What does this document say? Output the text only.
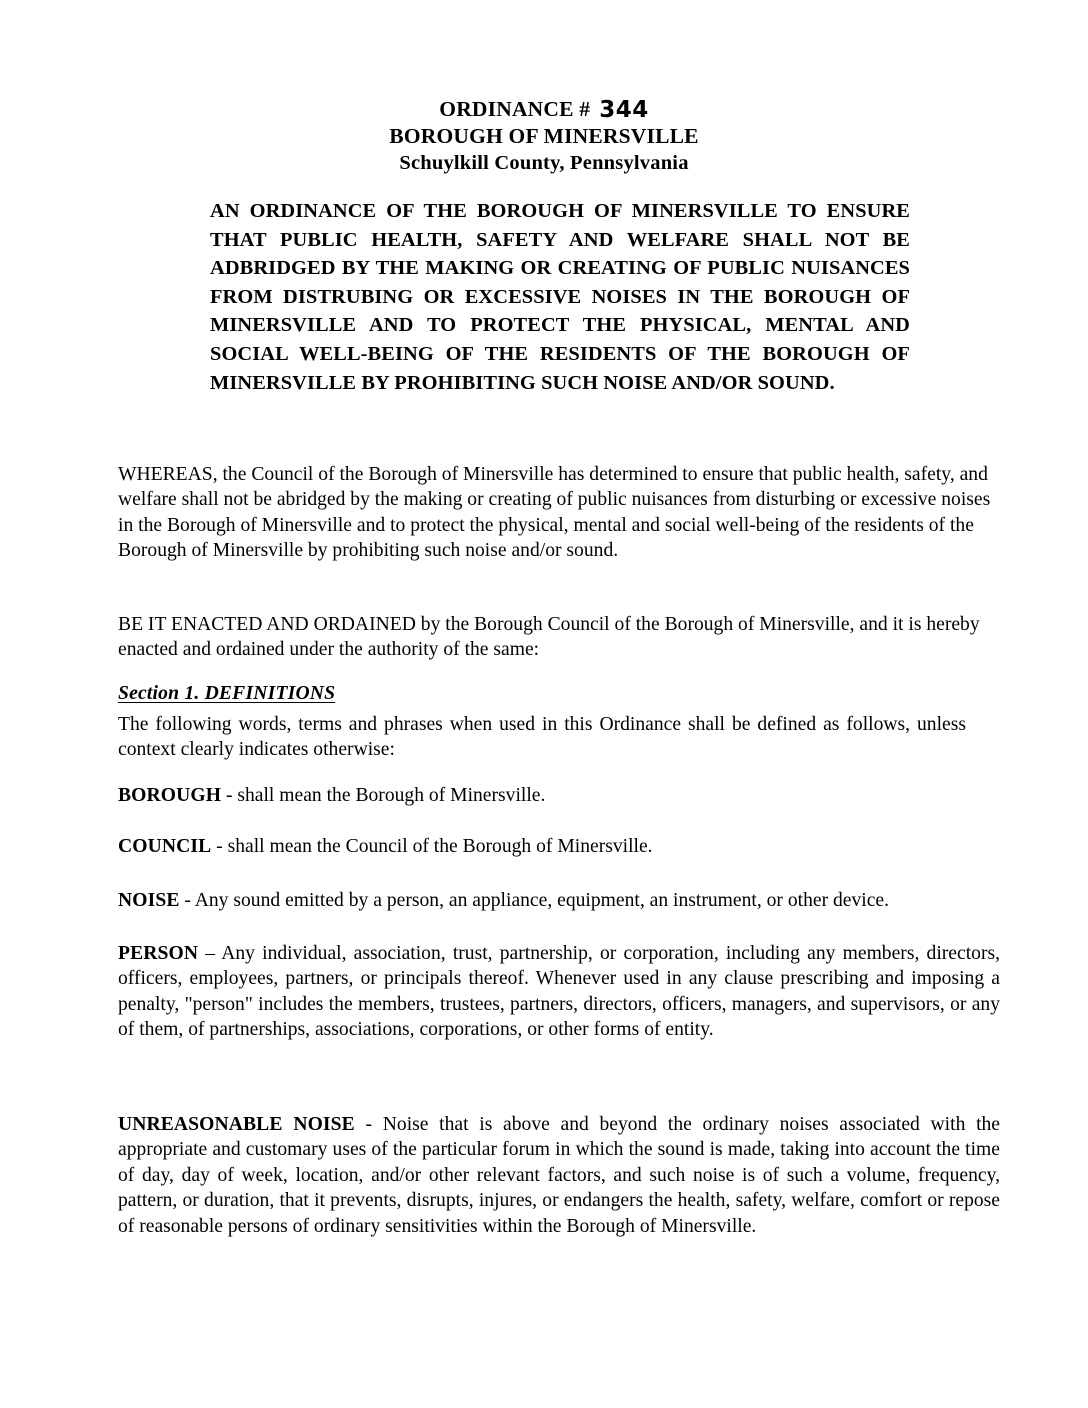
ORDINANCE # 344
BOROUGH OF MINERSVILLE
Schuylkill County, Pennsylvania
AN ORDINANCE OF THE BOROUGH OF MINERSVILLE TO ENSURE THAT PUBLIC HEALTH, SAFETY AND WELFARE SHALL NOT BE ADBRIDGED BY THE MAKING OR CREATING OF PUBLIC NUISANCES FROM DISTRUBING OR EXCESSIVE NOISES IN THE BOROUGH OF MINERSVILLE AND TO PROTECT THE PHYSICAL, MENTAL AND SOCIAL WELL-BEING OF THE RESIDENTS OF THE BOROUGH OF MINERSVILLE BY PROHIBITING SUCH NOISE AND/OR SOUND.
WHEREAS, the Council of the Borough of Minersville has determined to ensure that public health, safety, and welfare shall not be abridged by the making or creating of public nuisances from disturbing or excessive noises in the Borough of Minersville and to protect the physical, mental and social well-being of the residents of the Borough of Minersville by prohibiting such noise and/or sound.
BE IT ENACTED AND ORDAINED by the Borough Council of the Borough of Minersville, and it is hereby enacted and ordained under the authority of the same:
Section 1. DEFINITIONS
The following words, terms and phrases when used in this Ordinance shall be defined as follows, unless context clearly indicates otherwise:
BOROUGH - shall mean the Borough of Minersville.
COUNCIL - shall mean the Council of the Borough of Minersville.
NOISE - Any sound emitted by a person, an appliance, equipment, an instrument, or other device.
PERSON – Any individual, association, trust, partnership, or corporation, including any members, directors, officers, employees, partners, or principals thereof. Whenever used in any clause prescribing and imposing a penalty, "person" includes the members, trustees, partners, directors, officers, managers, and supervisors, or any of them, of partnerships, associations, corporations, or other forms of entity.
UNREASONABLE NOISE - Noise that is above and beyond the ordinary noises associated with the appropriate and customary uses of the particular forum in which the sound is made, taking into account the time of day, day of week, location, and/or other relevant factors, and such noise is of such a volume, frequency, pattern, or duration, that it prevents, disrupts, injures, or endangers the health, safety, welfare, comfort or repose of reasonable persons of ordinary sensitivities within the Borough of Minersville.
